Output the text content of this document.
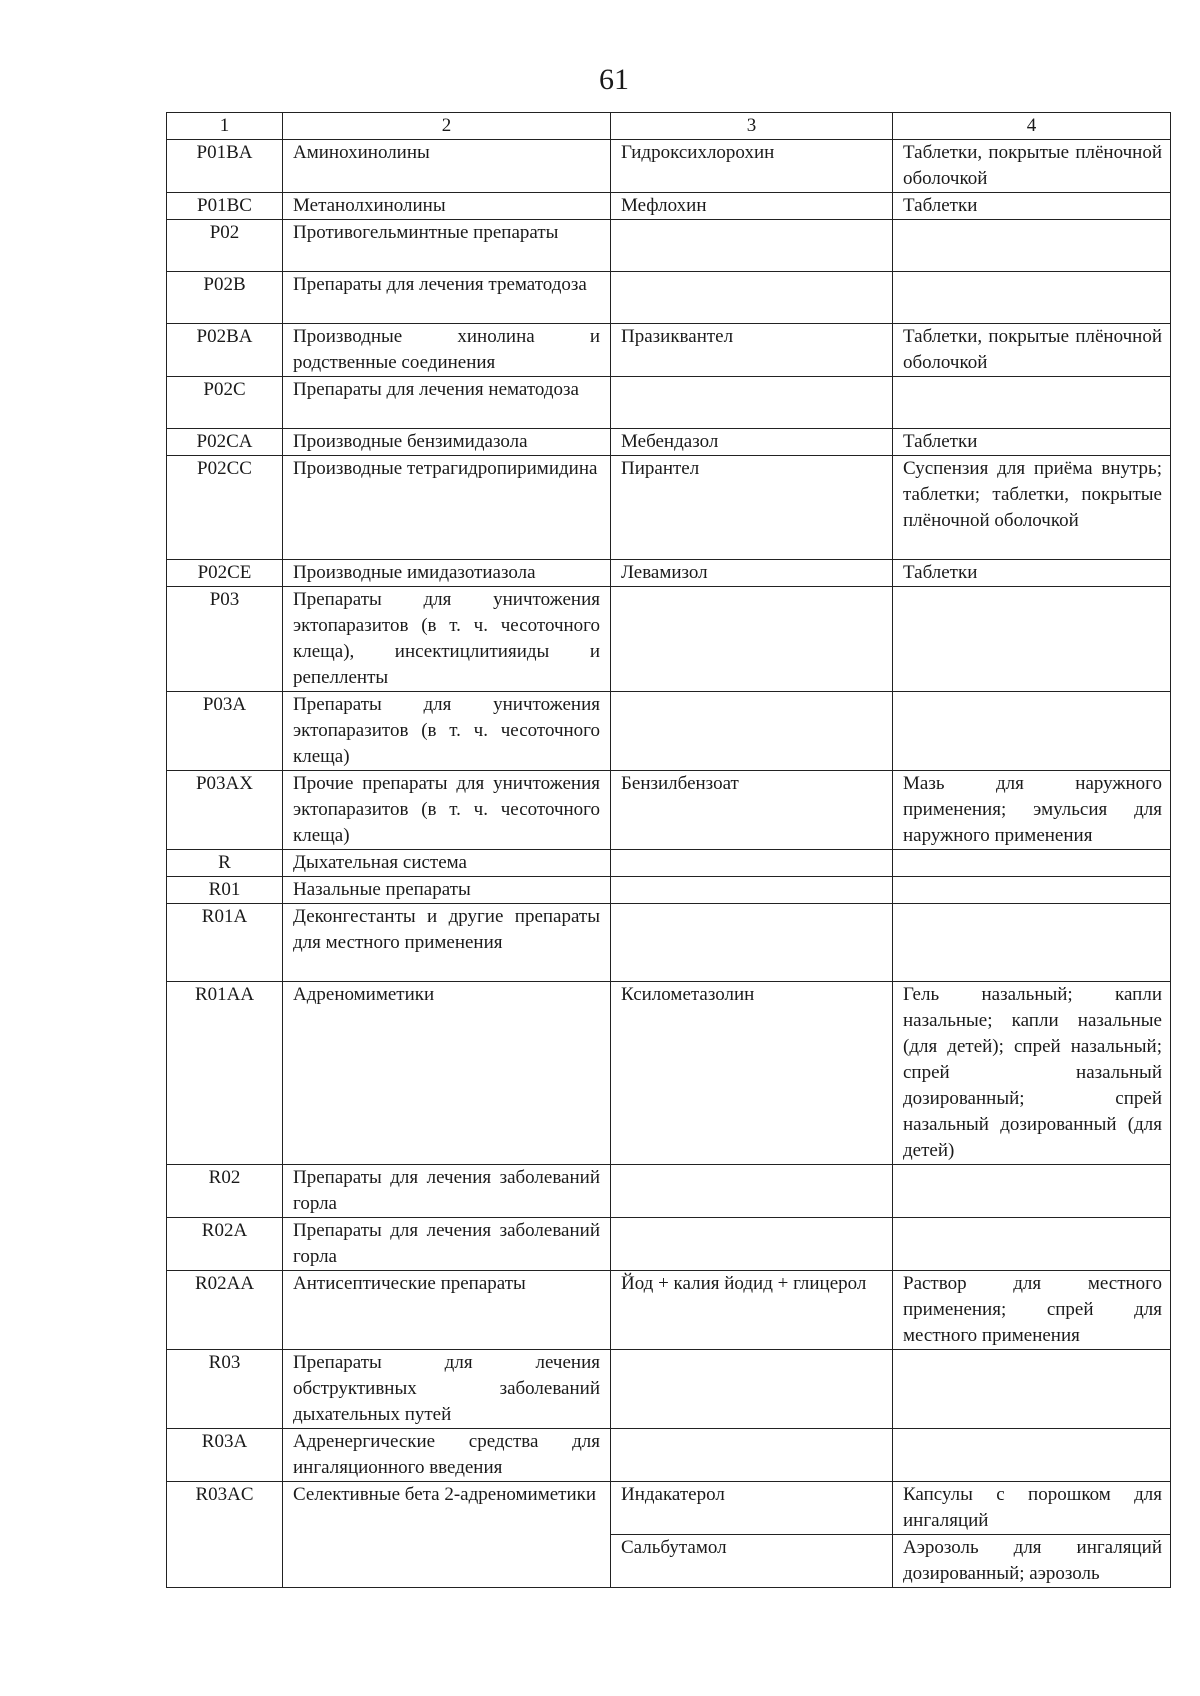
61
1	2	3	4
P01BA	Аминохинолины	Гидроксихлорохин	Таблетки, покрытые плёночной оболочкой
P01BC	Метанолхинолины	Мефлохин	Таблетки
P02	Противогельминтные препараты		
P02B	Препараты для лечения трематодоза		
P02BA	Производные хинолина и родственные соединения	Празиквантел	Таблетки, покрытые плёночной оболочкой
P02C	Препараты для лечения нематодоза		
P02CA	Производные бензимидазола	Мебендазол	Таблетки
P02CC	Производные тетрагидропиримидина	Пирантел	Суспензия для приёма внутрь; таблетки; таблетки, покрытые плёночной оболочкой
P02CE	Производные имидазотиазола	Левамизол	Таблетки
P03	Препараты для уничтожения эктопаразитов (в т. ч. чесоточного клеща), инсектицлитияиды и репелленты		
P03A	Препараты для уничтожения эктопаразитов (в т. ч. чесоточного клеща)		
P03AX	Прочие препараты для уничтожения эктопаразитов (в т. ч. чесоточного клеща)	Бензилбензоат	Мазь для наружного применения; эмульсия для наружного применения
R	Дыхательная система		
R01	Назальные препараты		
R01A	Деконгестанты и другие препараты для местного применения		
R01AA	Адреномиметики	Ксилометазолин	Гель назальный; капли назальные; капли назальные (для детей); спрей назальный; спрей назальный дозированный; спрей назальный дозированный (для детей)
R02	Препараты для лечения заболеваний горла		
R02A	Препараты для лечения заболеваний горла		
R02AA	Антисептические препараты	Йод + калия йодид + глицерол	Раствор для местного применения; спрей для местного применения
R03	Препараты для лечения обструктивных заболеваний дыхательных путей		
R03A	Адренергические средства для ингаляционного введения		
R03AC	Селективные бета 2-адреномиметики	Индакатерол	Капсулы с порошком для ингаляций
		Сальбутамол	Аэрозоль для ингаляций дозированный; аэрозоль
